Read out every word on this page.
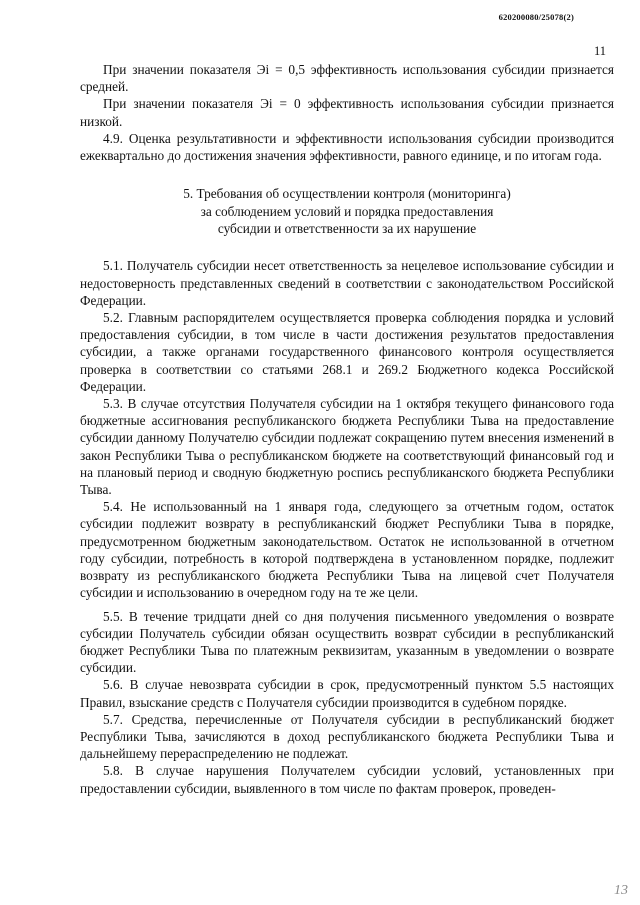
620200080/25078(2)
11

При значении показателя Эi = 0,5 эффективность использования субсидии признается средней.

При значении показателя Эi = 0 эффективность использования субсидии признается низкой.

4.9. Оценка результативности и эффективности использования субсидии производится ежеквартально до достижения значения эффективности, равного единице, и по итогам года.

5. Требования об осуществлении контроля (мониторинга)
за соблюдением условий и порядка предоставления
субсидии и ответственности за их нарушение

5.1. Получатель субсидии несет ответственность за нецелевое использование субсидии и недостоверность представленных сведений в соответствии с законодательством Российской Федерации.

5.2. Главным распорядителем осуществляется проверка соблюдения порядка и условий предоставления субсидии, в том числе в части достижения результатов предоставления субсидии, а также органами государственного финансового контроля осуществляется проверка в соответствии со статьями 268.1 и 269.2 Бюджетного кодекса Российской Федерации.

5.3. В случае отсутствия Получателя субсидии на 1 октября текущего финансового года бюджетные ассигнования республиканского бюджета Республики Тыва на предоставление субсидии данному Получателю субсидии подлежат сокращению путем внесения изменений в закон Республики Тыва о республиканском бюджете на соответствующий финансовый год и на плановый период и сводную бюджетную роспись республиканского бюджета Республики Тыва.

5.4. Не использованный на 1 января года, следующего за отчетным годом, остаток субсидии подлежит возврату в республиканский бюджет Республики Тыва в порядке, предусмотренном бюджетным законодательством. Остаток не использованной в отчетном году субсидии, потребность в которой подтверждена в установленном порядке, подлежит возврату из республиканского бюджета Республики Тыва на лицевой счет Получателя субсидии и использованию в очередном году на те же цели.

5.5. В течение тридцати дней со дня получения письменного уведомления о возврате субсидии Получатель субсидии обязан осуществить возврат субсидии в республиканский бюджет Республики Тыва по платежным реквизитам, указанным в уведомлении о возврате субсидии.

5.6. В случае невозврата субсидии в срок, предусмотренный пунктом 5.5 настоящих Правил, взыскание средств с Получателя субсидии производится в судебном порядке.

5.7. Средства, перечисленные от Получателя субсидии в республиканский бюджет Республики Тыва, зачисляются в доход республиканского бюджета Республики Тыва и дальнейшему перераспределению не подлежат.

5.8. В случае нарушения Получателем субсидии условий, установленных при предоставлении субсидии, выявленного в том числе по фактам проверок, проведен-

13
